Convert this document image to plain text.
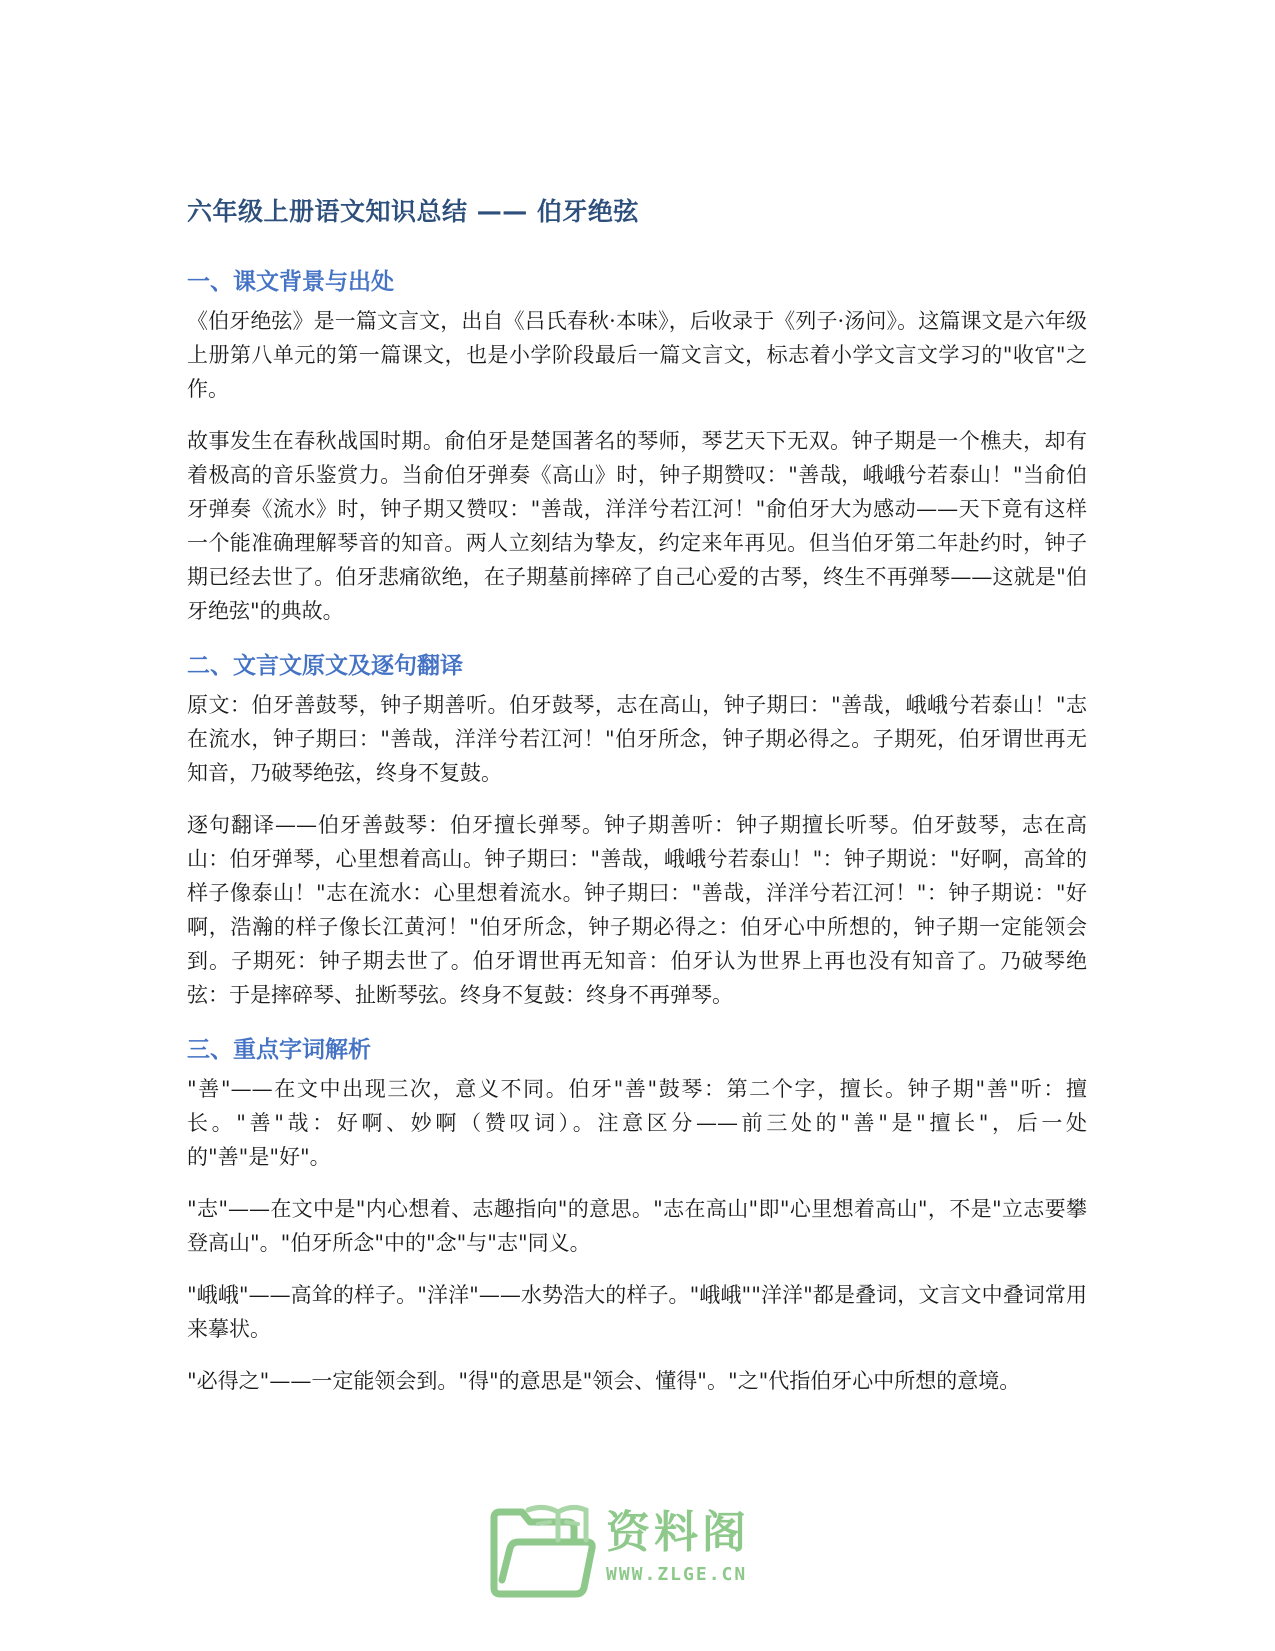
六年级上册语文知识总结 —— 伯牙绝弦
一、课文背景与出处

《伯牙绝弦》是一篇文言文，出自《吕氏春秋·本味》，后收录于《列子·汤问》。这篇课文是六年级上册第八单元的第一篇课文，也是小学阶段最后一篇文言文，标志着小学文言文学习的"收官"之作。

故事发生在春秋战国时期。俞伯牙是楚国著名的琴师，琴艺天下无双。钟子期是一个樵夫，却有着极高的音乐鉴赏力。当俞伯牙弹奏《高山》时，钟子期赞叹："善哉，峨峨兮若泰山！"当俞伯牙弹奏《流水》时，钟子期又赞叹："善哉，洋洋兮若江河！"俞伯牙大为感动——天下竟有这样一个能准确理解琴音的知音。两人立刻结为挚友，约定来年再见。但当伯牙第二年赴约时，钟子期已经去世了。伯牙悲痛欲绝，在子期墓前摔碎了自己心爱的古琴，终生不再弹琴——这就是"伯牙绝弦"的典故。

二、文言文原文及逐句翻译

原文：伯牙善鼓琴，钟子期善听。伯牙鼓琴，志在高山，钟子期曰："善哉，峨峨兮若泰山！"志在流水，钟子期曰："善哉，洋洋兮若江河！"伯牙所念，钟子期必得之。子期死，伯牙谓世再无知音，乃破琴绝弦，终身不复鼓。

逐句翻译——伯牙善鼓琴：伯牙擅长弹琴。钟子期善听：钟子期擅长听琴。伯牙鼓琴，志在高山：伯牙弹琴，心里想着高山。钟子期曰："善哉，峨峨兮若泰山！"：钟子期说："好啊，高耸的样子像泰山！"志在流水：心里想着流水。钟子期曰："善哉，洋洋兮若江河！"：钟子期说："好啊，浩瀚的样子像长江黄河！"伯牙所念，钟子期必得之：伯牙心中所想的，钟子期一定能领会到。子期死：钟子期去世了。伯牙谓世再无知音：伯牙认为世界上再也没有知音了。乃破琴绝弦：于是摔碎琴、扯断琴弦。终身不复鼓：终身不再弹琴。

三、重点字词解析

"善"——在文中出现三次，意义不同。伯牙"善"鼓琴：第二个字，擅长。钟子期"善"听：擅长。"善"哉：好啊、妙啊（赞叹词）。注意区分——前三处的"善"是"擅长"，后一处的"善"是"好"。

"志"——在文中是"内心想着、志趣指向"的意思。"志在高山"即"心里想着高山"，不是"立志要攀登高山"。"伯牙所念"中的"念"与"志"同义。

"峨峨"——高耸的样子。"洋洋"——水势浩大的样子。"峨峨""洋洋"都是叠词，文言文中叠词常用来摹状。

"必得之"——一定能领会到。"得"的意思是"领会、懂得"。"之"代指伯牙心中所想的意境。

资料阁
WWW.ZLGE.CN
